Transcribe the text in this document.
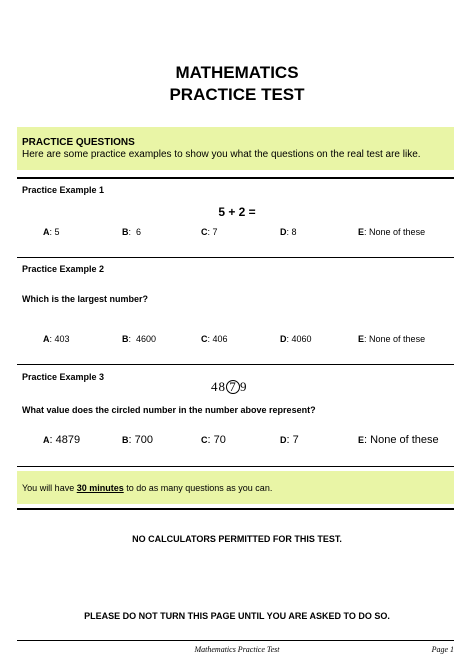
MATHEMATICS
PRACTICE TEST
PRACTICE QUESTIONS
Here are some practice examples to show you what the questions on the real test are like.
Practice Example 1
5 + 2 =
A: 5	B:  6	C: 7	D: 8	E: None of these
Practice Example 2
Which is the largest number?
A: 403	B:  4600	C: 406	D: 4060	E: None of these
Practice Example 3
48 7 9
What value does the circled number in the number above represent?
A: 4879	B: 700	C: 70	D: 7	E: None of these
You will have 30 minutes to do as many questions as you can.
NO CALCULATORS PERMITTED FOR THIS TEST.
PLEASE DO NOT TURN THIS PAGE UNTIL YOU ARE ASKED TO DO SO.
Mathematics Practice Test	Page 1
